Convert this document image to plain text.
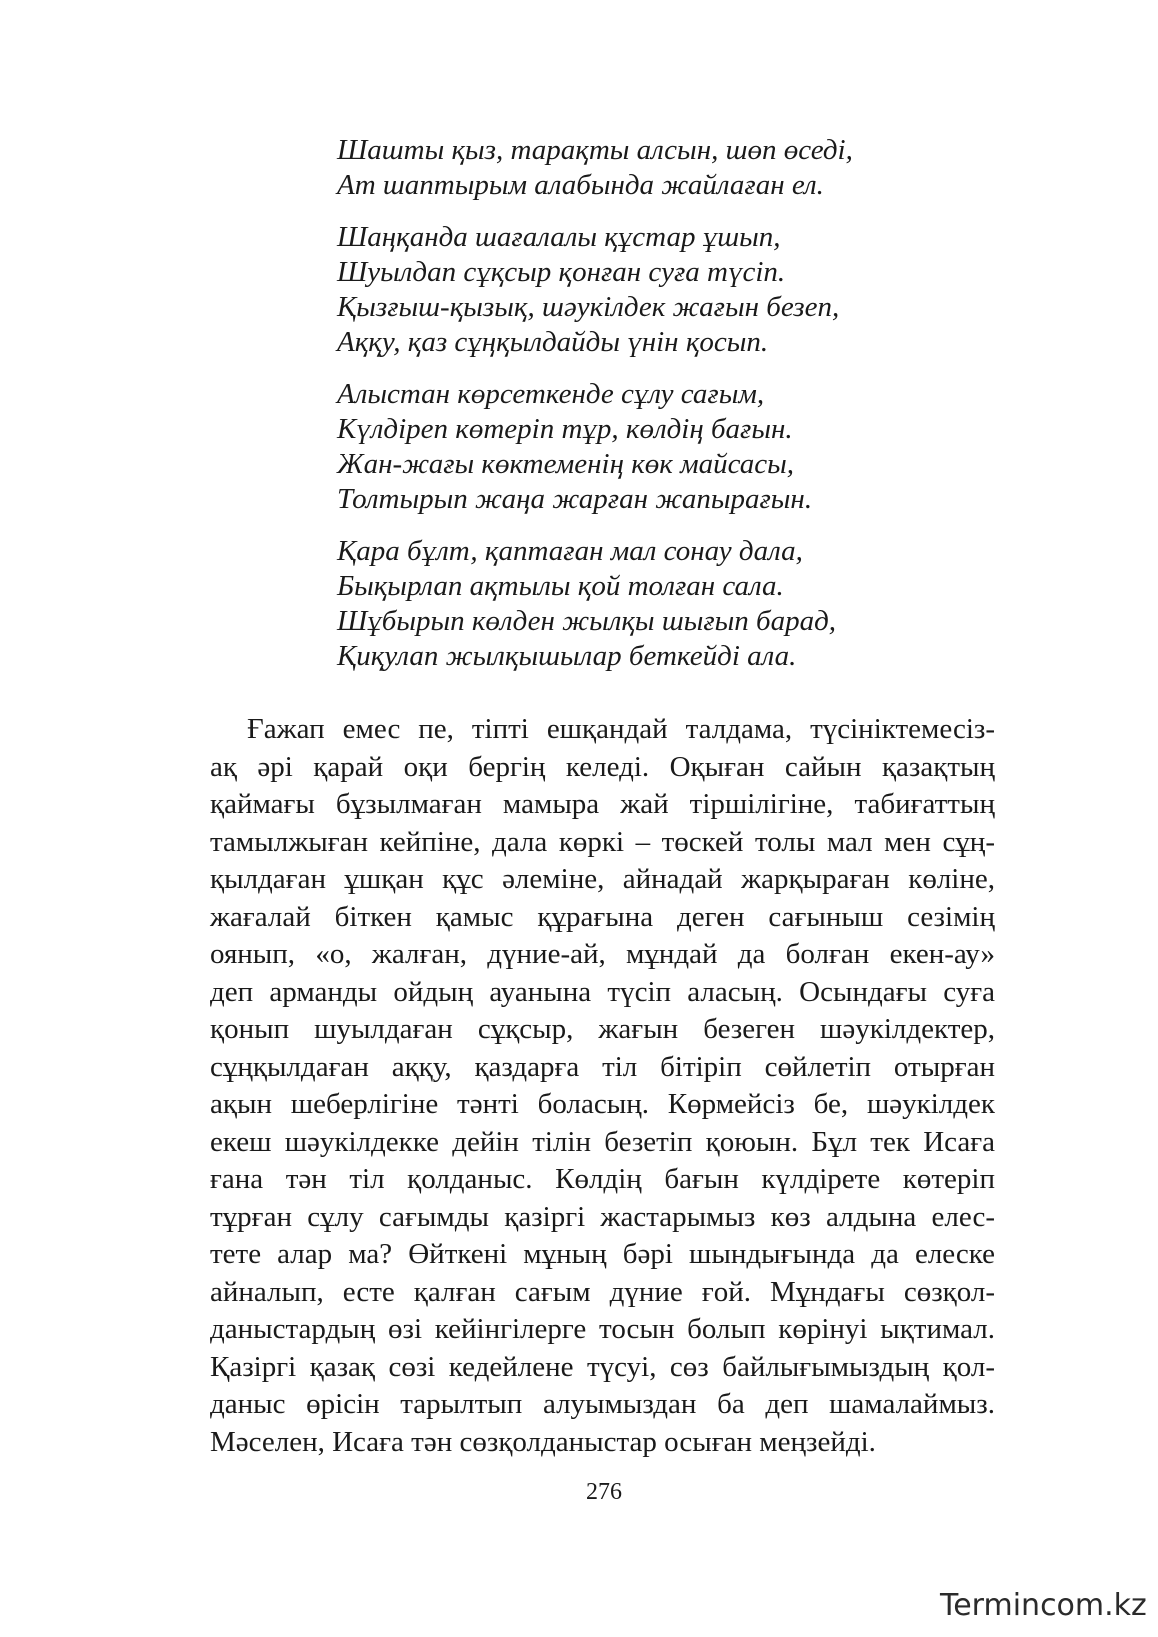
Шашты қыз, тарақты алсын, шөп өседі,
Ат шаптырым алабында жайлаған ел.
Шаңқанда шағалалы құстар ұшып,
Шуылдап сұқсыр қонған суға түсіп.
Қызғыш-қызық, шәукілдек жағын безеп,
Аққу, қаз сұңқылдайды үнін қосып.
Алыстан көрсеткенде сұлу сағым,
Күлдіреп көтеріп тұр, көлдің бағын.
Жан-жағы көктеменің көк майсасы,
Толтырып жаңа жарған жапырағын.
Қара бұлт, қаптаған мал сонау дала,
Бықырлап ақтылы қой толған сала.
Шұбырып көлден жылқы шығып барад,
Қиқулап жылқышылар беткейді ала.
Ғажап емес пе, тіпті ешқандай талдама, түсініктемесіз-
ақ әрі қарай оқи бергің келеді. Оқыған сайын қазақтың
қаймағы бұзылмаған мамыра жай тіршілігіне, табиғаттың
тамылжыған кейпіне, дала көркі – төскей толы мал мен сұң-
қылдаған ұшқан құс әлеміне, айнадай жарқыраған көліне,
жағалай біткен қамыс құрағына деген сағыныш сезімің
оянып, «о, жалған, дүние-ай, мұндай да болған екен-ау»
деп арманды ойдың ауанына түсіп аласың. Осындағы суға
қонып шуылдаған сұқсыр, жағын безеген шәукілдектер,
сұңқылдаған аққу, қаздарға тіл бітіріп сөйлетіп отырған
ақын шеберлігіне тәнті боласың. Көрмейсіз бе, шәукілдек
екеш шәукілдекке дейін тілін безетіп қоюын. Бұл тек Исаға
ғана тән тіл қолданыс. Көлдің бағын күлдірете көтеріп
тұрған сұлу сағымды қазіргі жастарымыз көз алдына елес-
тете алар ма? Өйткені мұның бәрі шындығында да елеске
айналып, есте қалған сағым дүние ғой. Мұндағы сөзқол-
даныстардың өзі кейінгілерге тосын болып көрінуі ықтимал.
Қазіргі қазақ сөзі кедейлене түсуі, сөз байлығымыздың қол-
даныс өрісін тарылтып алуымыздан ба деп шамалаймыз.
Мәселен, Исаға тән сөзқолданыстар осыған меңзейді.
276
Termincom.kz
